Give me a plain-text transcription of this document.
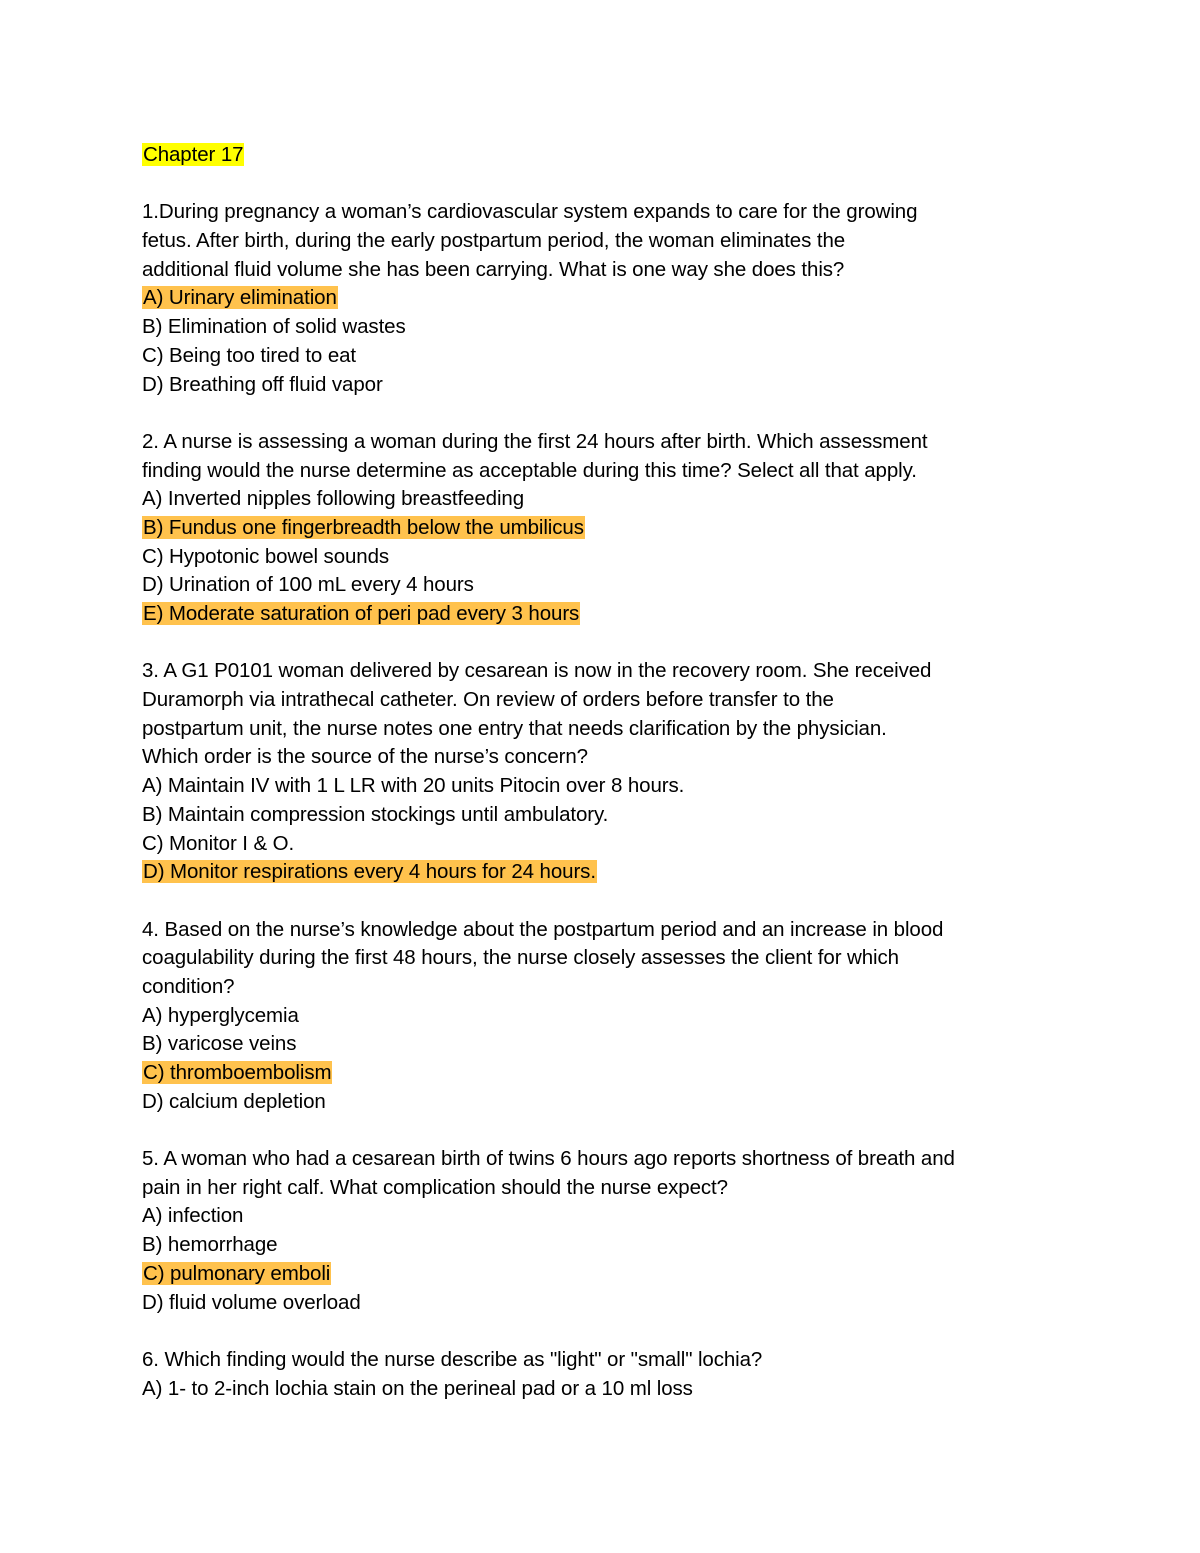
Chapter 17
1.During pregnancy a woman’s cardiovascular system expands to care for the growing
fetus. After birth, during the early postpartum period, the woman eliminates the
additional fluid volume she has been carrying. What is one way she does this?
A) Urinary elimination
B) Elimination of solid wastes
C) Being too tired to eat
D) Breathing off fluid vapor
2. A nurse is assessing a woman during the first 24 hours after birth. Which assessment
finding would the nurse determine as acceptable during this time? Select all that apply.
A) Inverted nipples following breastfeeding
B) Fundus one fingerbreadth below the umbilicus
C) Hypotonic bowel sounds
D) Urination of 100 mL every 4 hours
E) Moderate saturation of peri pad every 3 hours
3. A G1 P0101 woman delivered by cesarean is now in the recovery room. She received
Duramorph via intrathecal catheter. On review of orders before transfer to the
postpartum unit, the nurse notes one entry that needs clarification by the physician.
Which order is the source of the nurse’s concern?
A) Maintain IV with 1 L LR with 20 units Pitocin over 8 hours.
B) Maintain compression stockings until ambulatory.
C) Monitor I & O.
D) Monitor respirations every 4 hours for 24 hours.
4. Based on the nurse’s knowledge about the postpartum period and an increase in blood
coagulability during the first 48 hours, the nurse closely assesses the client for which
condition?
A) hyperglycemia
B) varicose veins
C) thromboembolism
D) calcium depletion
5. A woman who had a cesarean birth of twins 6 hours ago reports shortness of breath and
pain in her right calf. What complication should the nurse expect?
A) infection
B) hemorrhage
C) pulmonary emboli
D) fluid volume overload
6. Which finding would the nurse describe as "light" or "small" lochia?
A) 1- to 2-inch lochia stain on the perineal pad or a 10 ml loss
